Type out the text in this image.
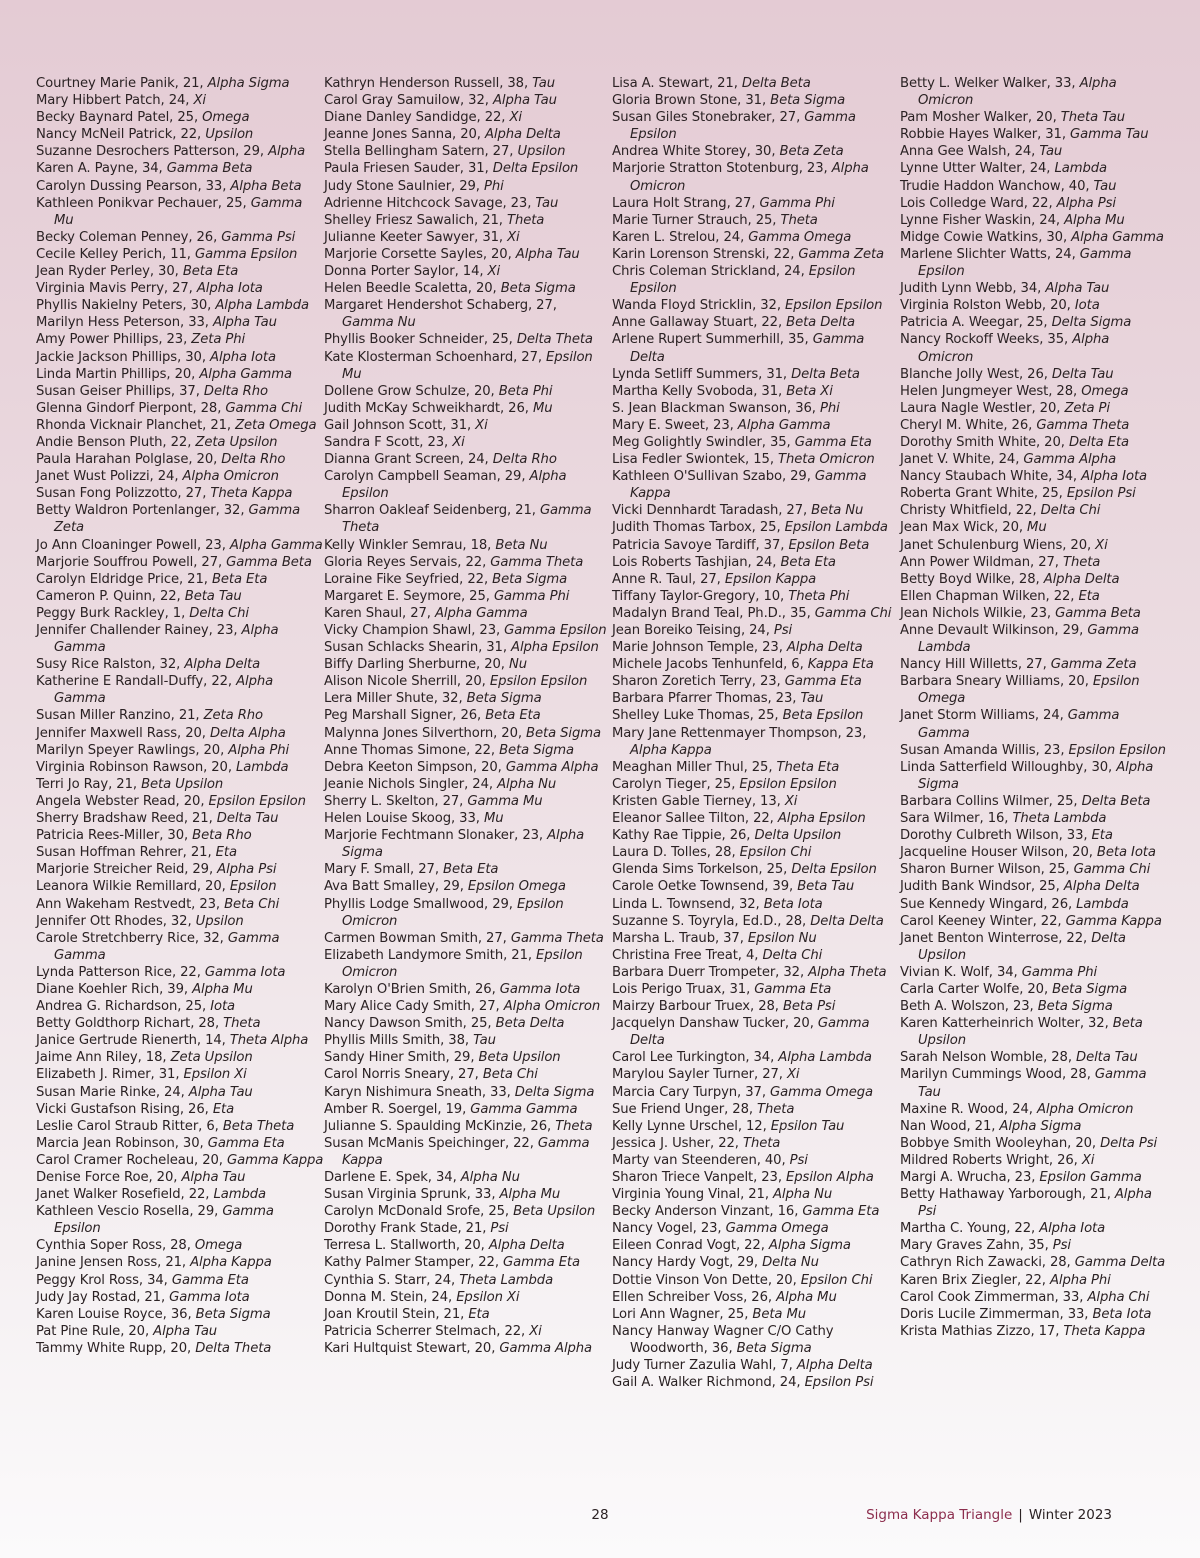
Courtney Marie Panik, 21, Alpha Sigma
Mary Hibbert Patch, 24, Xi
Becky Baynard Patel, 25, Omega
Nancy McNeil Patrick, 22, Upsilon
Suzanne Desrochers Patterson, 29, Alpha
Karen A. Payne, 34, Gamma Beta
Carolyn Dussing Pearson, 33, Alpha Beta
Kathleen Ponikvar Pechauer, 25, Gamma Mu
Becky Coleman Penney, 26, Gamma Psi
Cecile Kelley Perich, 11, Gamma Epsilon
Jean Ryder Perley, 30, Beta Eta
Virginia Mavis Perry, 27, Alpha Iota
Phyllis Nakielny Peters, 30, Alpha Lambda
Marilyn Hess Peterson, 33, Alpha Tau
Amy Power Phillips, 23, Zeta Phi
Jackie Jackson Phillips, 30, Alpha Iota
Linda Martin Phillips, 20, Alpha Gamma
Susan Geiser Phillips, 37, Delta Rho
Glenna Gindorf Pierpont, 28, Gamma Chi
Rhonda Vicknair Planchet, 21, Zeta Omega
Andie Benson Pluth, 22, Zeta Upsilon
Paula Harahan Polglase, 20, Delta Rho
Janet Wust Polizzi, 24, Alpha Omicron
Susan Fong Polizzotto, 27, Theta Kappa
Betty Waldron Portenlanger, 32, Gamma Zeta
Jo Ann Cloaninger Powell, 23, Alpha Gamma
Marjorie Souffrou Powell, 27, Gamma Beta
Carolyn Eldridge Price, 21, Beta Eta
Cameron P. Quinn, 22, Beta Tau
Peggy Burk Rackley, 1, Delta Chi
Jennifer Challender Rainey, 23, Alpha Gamma
Susy Rice Ralston, 32, Alpha Delta
Katherine E Randall-Duffy, 22, Alpha Gamma
Susan Miller Ranzino, 21, Zeta Rho
Jennifer Maxwell Rass, 20, Delta Alpha
Marilyn Speyer Rawlings, 20, Alpha Phi
Virginia Robinson Rawson, 20, Lambda
Terri Jo Ray, 21, Beta Upsilon
Angela Webster Read, 20, Epsilon Epsilon
Sherry Bradshaw Reed, 21, Delta Tau
Patricia Rees-Miller, 30, Beta Rho
Susan Hoffman Rehrer, 21, Eta
Marjorie Streicher Reid, 29, Alpha Psi
Leanora Wilkie Remillard, 20, Epsilon
Ann Wakeham Restvedt, 23, Beta Chi
Jennifer Ott Rhodes, 32, Upsilon
Carole Stretchberry Rice, 32, Gamma Gamma
Lynda Patterson Rice, 22, Gamma Iota
Diane Koehler Rich, 39, Alpha Mu
Andrea G. Richardson, 25, Iota
Betty Goldthorp Richart, 28, Theta
Janice Gertrude Rienerth, 14, Theta Alpha
Jaime Ann Riley, 18, Zeta Upsilon
Elizabeth J. Rimer, 31, Epsilon Xi
Susan Marie Rinke, 24, Alpha Tau
Vicki Gustafson Rising, 26, Eta
Leslie Carol Straub Ritter, 6, Beta Theta
Marcia Jean Robinson, 30, Gamma Eta
Carol Cramer Rocheleau, 20, Gamma Kappa
Denise Force Roe, 20, Alpha Tau
Janet Walker Rosefield, 22, Lambda
Kathleen Vescio Rosella, 29, Gamma Epsilon
Cynthia Soper Ross, 28, Omega
Janine Jensen Ross, 21, Alpha Kappa
Peggy Krol Ross, 34, Gamma Eta
Judy Jay Rostad, 21, Gamma Iota
Karen Louise Royce, 36, Beta Sigma
Pat Pine Rule, 20, Alpha Tau
Tammy White Rupp, 20, Delta Theta
Kathryn Henderson Russell, 38, Tau
Carol Gray Samuilow, 32, Alpha Tau
Diane Danley Sandidge, 22, Xi
Jeanne Jones Sanna, 20, Alpha Delta
Stella Bellingham Satern, 27, Upsilon
Paula Friesen Sauder, 31, Delta Epsilon
Judy Stone Saulnier, 29, Phi
Adrienne Hitchcock Savage, 23, Tau
Shelley Friesz Sawalich, 21, Theta
Julianne Keeter Sawyer, 31, Xi
Marjorie Corsette Sayles, 20, Alpha Tau
Donna Porter Saylor, 14, Xi
Helen Beedle Scaletta, 20, Beta Sigma
Margaret Hendershot Schaberg, 27, Gamma Nu
Phyllis Booker Schneider, 25, Delta Theta
Kate Klosterman Schoenhard, 27, Epsilon Mu
Dollene Grow Schulze, 20, Beta Phi
Judith McKay Schweikhardt, 26, Mu
Gail Johnson Scott, 31, Xi
Sandra F Scott, 23, Xi
Dianna Grant Screen, 24, Delta Rho
Carolyn Campbell Seaman, 29, Alpha Epsilon
Sharron Oakleaf Seidenberg, 21, Gamma Theta
Kelly Winkler Semrau, 18, Beta Nu
Gloria Reyes Servais, 22, Gamma Theta
Loraine Fike Seyfried, 22, Beta Sigma
Margaret E. Seymore, 25, Gamma Phi
Karen Shaul, 27, Alpha Gamma
Vicky Champion Shawl, 23, Gamma Epsilon
Susan Schlacks Shearin, 31, Alpha Epsilon
Biffy Darling Sherburne, 20, Nu
Alison Nicole Sherrill, 20, Epsilon Epsilon
Lera Miller Shute, 32, Beta Sigma
Peg Marshall Signer, 26, Beta Eta
Malynna Jones Silverthorn, 20, Beta Sigma
Anne Thomas Simone, 22, Beta Sigma
Debra Keeton Simpson, 20, Gamma Alpha
Jeanie Nichols Singler, 24, Alpha Nu
Sherry L. Skelton, 27, Gamma Mu
Helen Louise Skoog, 33, Mu
Marjorie Fechtmann Slonaker, 23, Alpha Sigma
Mary F. Small, 27, Beta Eta
Ava Batt Smalley, 29, Epsilon Omega
Phyllis Lodge Smallwood, 29, Epsilon Omicron
Carmen Bowman Smith, 27, Gamma Theta
Elizabeth Landymore Smith, 21, Epsilon Omicron
Karolyn O'Brien Smith, 26, Gamma Iota
Mary Alice Cady Smith, 27, Alpha Omicron
Nancy Dawson Smith, 25, Beta Delta
Phyllis Mills Smith, 38, Tau
Sandy Hiner Smith, 29, Beta Upsilon
Carol Norris Sneary, 27, Beta Chi
Karyn Nishimura Sneath, 33, Delta Sigma
Amber R. Soergel, 19, Gamma Gamma
Julianne S. Spaulding McKinzie, 26, Theta
Susan McManis Speichinger, 22, Gamma Kappa
Darlene E. Spek, 34, Alpha Nu
Susan Virginia Sprunk, 33, Alpha Mu
Carolyn McDonald Srofe, 25, Beta Upsilon
Dorothy Frank Stade, 21, Psi
Terresa L. Stallworth, 20, Alpha Delta
Kathy Palmer Stamper, 22, Gamma Eta
Cynthia S. Starr, 24, Theta Lambda
Donna M. Stein, 24, Epsilon Xi
Joan Kroutil Stein, 21, Eta
Patricia Scherrer Stelmach, 22, Xi
Kari Hultquist Stewart, 20, Gamma Alpha
Lisa A. Stewart, 21, Delta Beta
Gloria Brown Stone, 31, Beta Sigma
Susan Giles Stonebraker, 27, Gamma Epsilon
Andrea White Storey, 30, Beta Zeta
Marjorie Stratton Stotenburg, 23, Alpha Omicron
Laura Holt Strang, 27, Gamma Phi
Marie Turner Strauch, 25, Theta
Karen L. Strelou, 24, Gamma Omega
Karin Lorenson Strenski, 22, Gamma Zeta
Chris Coleman Strickland, 24, Epsilon Epsilon
Wanda Floyd Stricklin, 32, Epsilon Epsilon
Anne Gallaway Stuart, 22, Beta Delta
Arlene Rupert Summerhill, 35, Gamma Delta
Lynda Setliff Summers, 31, Delta Beta
Martha Kelly Svoboda, 31, Beta Xi
S. Jean Blackman Swanson, 36, Phi
Mary E. Sweet, 23, Alpha Gamma
Meg Golightly Swindler, 35, Gamma Eta
Lisa Fedler Swiontek, 15, Theta Omicron
Kathleen O'Sullivan Szabo, 29, Gamma Kappa
Vicki Dennhardt Taradash, 27, Beta Nu
Judith Thomas Tarbox, 25, Epsilon Lambda
Patricia Savoye Tardiff, 37, Epsilon Beta
Lois Roberts Tashjian, 24, Beta Eta
Anne R. Taul, 27, Epsilon Kappa
Tiffany Taylor-Gregory, 10, Theta Phi
Madalyn Brand Teal, Ph.D., 35, Gamma Chi
Jean Boreiko Teising, 24, Psi
Marie Johnson Temple, 23, Alpha Delta
Michele Jacobs Tenhunfeld, 6, Kappa Eta
Sharon Zoretich Terry, 23, Gamma Eta
Barbara Pfarrer Thomas, 23, Tau
Shelley Luke Thomas, 25, Beta Epsilon
Mary Jane Rettenmayer Thompson, 23, Alpha Kappa
Meaghan Miller Thul, 25, Theta Eta
Carolyn Tieger, 25, Epsilon Epsilon
Kristen Gable Tierney, 13, Xi
Eleanor Sallee Tilton, 22, Alpha Epsilon
Kathy Rae Tippie, 26, Delta Upsilon
Laura D. Tolles, 28, Epsilon Chi
Glenda Sims Torkelson, 25, Delta Epsilon
Carole Oetke Townsend, 39, Beta Tau
Linda L. Townsend, 32, Beta Iota
Suzanne S. Toyryla, Ed.D., 28, Delta Delta
Marsha L. Traub, 37, Epsilon Nu
Christina Free Treat, 4, Delta Chi
Barbara Duerr Trompeter, 32, Alpha Theta
Lois Perigo Truax, 31, Gamma Eta
Mairzy Barbour Truex, 28, Beta Psi
Jacquelyn Danshaw Tucker, 20, Gamma Delta
Carol Lee Turkington, 34, Alpha Lambda
Marylou Sayler Turner, 27, Xi
Marcia Cary Turpyn, 37, Gamma Omega
Sue Friend Unger, 28, Theta
Kelly Lynne Urschel, 12, Epsilon Tau
Jessica J. Usher, 22, Theta
Marty van Steenderen, 40, Psi
Sharon Triece Vanpelt, 23, Epsilon Alpha
Virginia Young Vinal, 21, Alpha Nu
Becky Anderson Vinzant, 16, Gamma Eta
Nancy Vogel, 23, Gamma Omega
Eileen Conrad Vogt, 22, Alpha Sigma
Nancy Hardy Vogt, 29, Delta Nu
Dottie Vinson Von Dette, 20, Epsilon Chi
Ellen Schreiber Voss, 26, Alpha Mu
Lori Ann Wagner, 25, Beta Mu
Nancy Hanway Wagner C/O Cathy Woodworth, 36, Beta Sigma
Judy Turner Zazulia Wahl, 7, Alpha Delta
Gail A. Walker Richmond, 24, Epsilon Psi
Betty L. Welker Walker, 33, Alpha Omicron
Pam Mosher Walker, 20, Theta Tau
Robbie Hayes Walker, 31, Gamma Tau
Anna Gee Walsh, 24, Tau
Lynne Utter Walter, 24, Lambda
Trudie Haddon Wanchow, 40, Tau
Lois Colledge Ward, 22, Alpha Psi
Lynne Fisher Waskin, 24, Alpha Mu
Midge Cowie Watkins, 30, Alpha Gamma
Marlene Slichter Watts, 24, Gamma Epsilon
Judith Lynn Webb, 34, Alpha Tau
Virginia Rolston Webb, 20, Iota
Patricia A. Weegar, 25, Delta Sigma
Nancy Rockoff Weeks, 35, Alpha Omicron
Blanche Jolly West, 26, Delta Tau
Helen Jungmeyer West, 28, Omega
Laura Nagle Westler, 20, Zeta Pi
Cheryl M. White, 26, Gamma Theta
Dorothy Smith White, 20, Delta Eta
Janet V. White, 24, Gamma Alpha
Nancy Staubach White, 34, Alpha Iota
Roberta Grant White, 25, Epsilon Psi
Christy Whitfield, 22, Delta Chi
Jean Max Wick, 20, Mu
Janet Schulenburg Wiens, 20, Xi
Ann Power Wildman, 27, Theta
Betty Boyd Wilke, 28, Alpha Delta
Ellen Chapman Wilken, 22, Eta
Jean Nichols Wilkie, 23, Gamma Beta
Anne Devault Wilkinson, 29, Gamma Lambda
Nancy Hill Willetts, 27, Gamma Zeta
Barbara Sneary Williams, 20, Epsilon Omega
Janet Storm Williams, 24, Gamma Gamma
Susan Amanda Willis, 23, Epsilon Epsilon
Linda Satterfield Willoughby, 30, Alpha Sigma
Barbara Collins Wilmer, 25, Delta Beta
Sara Wilmer, 16, Theta Lambda
Dorothy Culbreth Wilson, 33, Eta
Jacqueline Houser Wilson, 20, Beta Iota
Sharon Burner Wilson, 25, Gamma Chi
Judith Bank Windsor, 25, Alpha Delta
Sue Kennedy Wingard, 26, Lambda
Carol Keeney Winter, 22, Gamma Kappa
Janet Benton Winterrose, 22, Delta Upsilon
Vivian K. Wolf, 34, Gamma Phi
Carla Carter Wolfe, 20, Beta Sigma
Beth A. Wolszon, 23, Beta Sigma
Karen Katterheinrich Wolter, 32, Beta Upsilon
Sarah Nelson Womble, 28, Delta Tau
Marilyn Cummings Wood, 28, Gamma Tau
Maxine R. Wood, 24, Alpha Omicron
Nan Wood, 21, Alpha Sigma
Bobbye Smith Wooleyhan, 20, Delta Psi
Mildred Roberts Wright, 26, Xi
Margi A. Wrucha, 23, Epsilon Gamma
Betty Hathaway Yarborough, 21, Alpha Psi
Martha C. Young, 22, Alpha Iota
Mary Graves Zahn, 35, Psi
Cathryn Rich Zawacki, 28, Gamma Delta
Karen Brix Ziegler, 22, Alpha Phi
Carol Cook Zimmerman, 33, Alpha Chi
Doris Lucile Zimmerman, 33, Beta Iota
Krista Mathias Zizzo, 17, Theta Kappa
28	Sigma Kappa Triangle | Winter 2023
